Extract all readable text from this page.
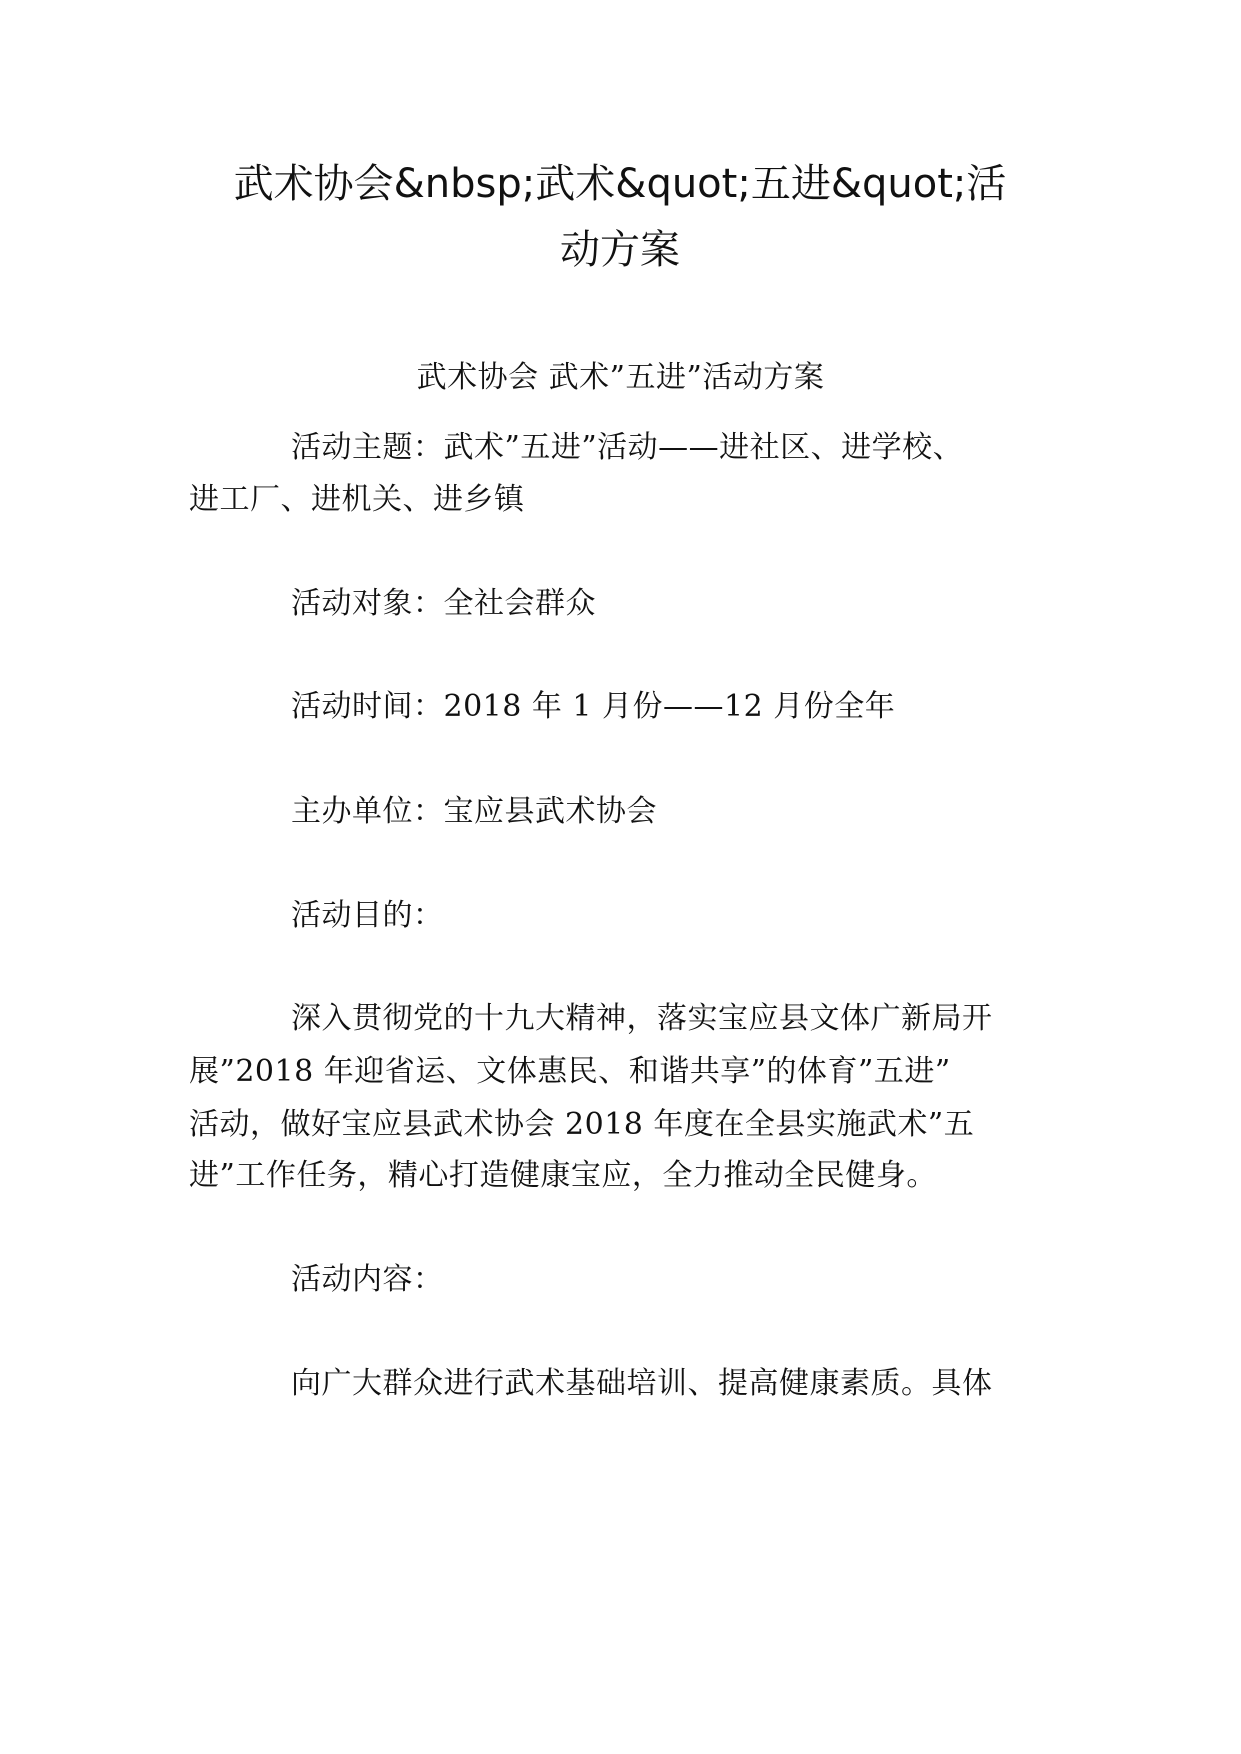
武术协会&nbsp;武术&quot;五进&quot;活
动方案
武术协会 武术”五进”活动方案
活动主题：武术”五进”活动——进社区、进学校、
进工厂、进机关、进乡镇
活动对象：全社会群众
活动时间：2018 年 1 月份——12 月份全年
主办单位：宝应县武术协会
活动目的：
深入贯彻党的十九大精神，落实宝应县文体广新局开
展”2018 年迎省运、文体惠民、和谐共享”的体育”五进”
活动，做好宝应县武术协会 2018 年度在全县实施武术”五
进”工作任务，精心打造健康宝应，全力推动全民健身。
活动内容：
向广大群众进行武术基础培训、提高健康素质。具体
